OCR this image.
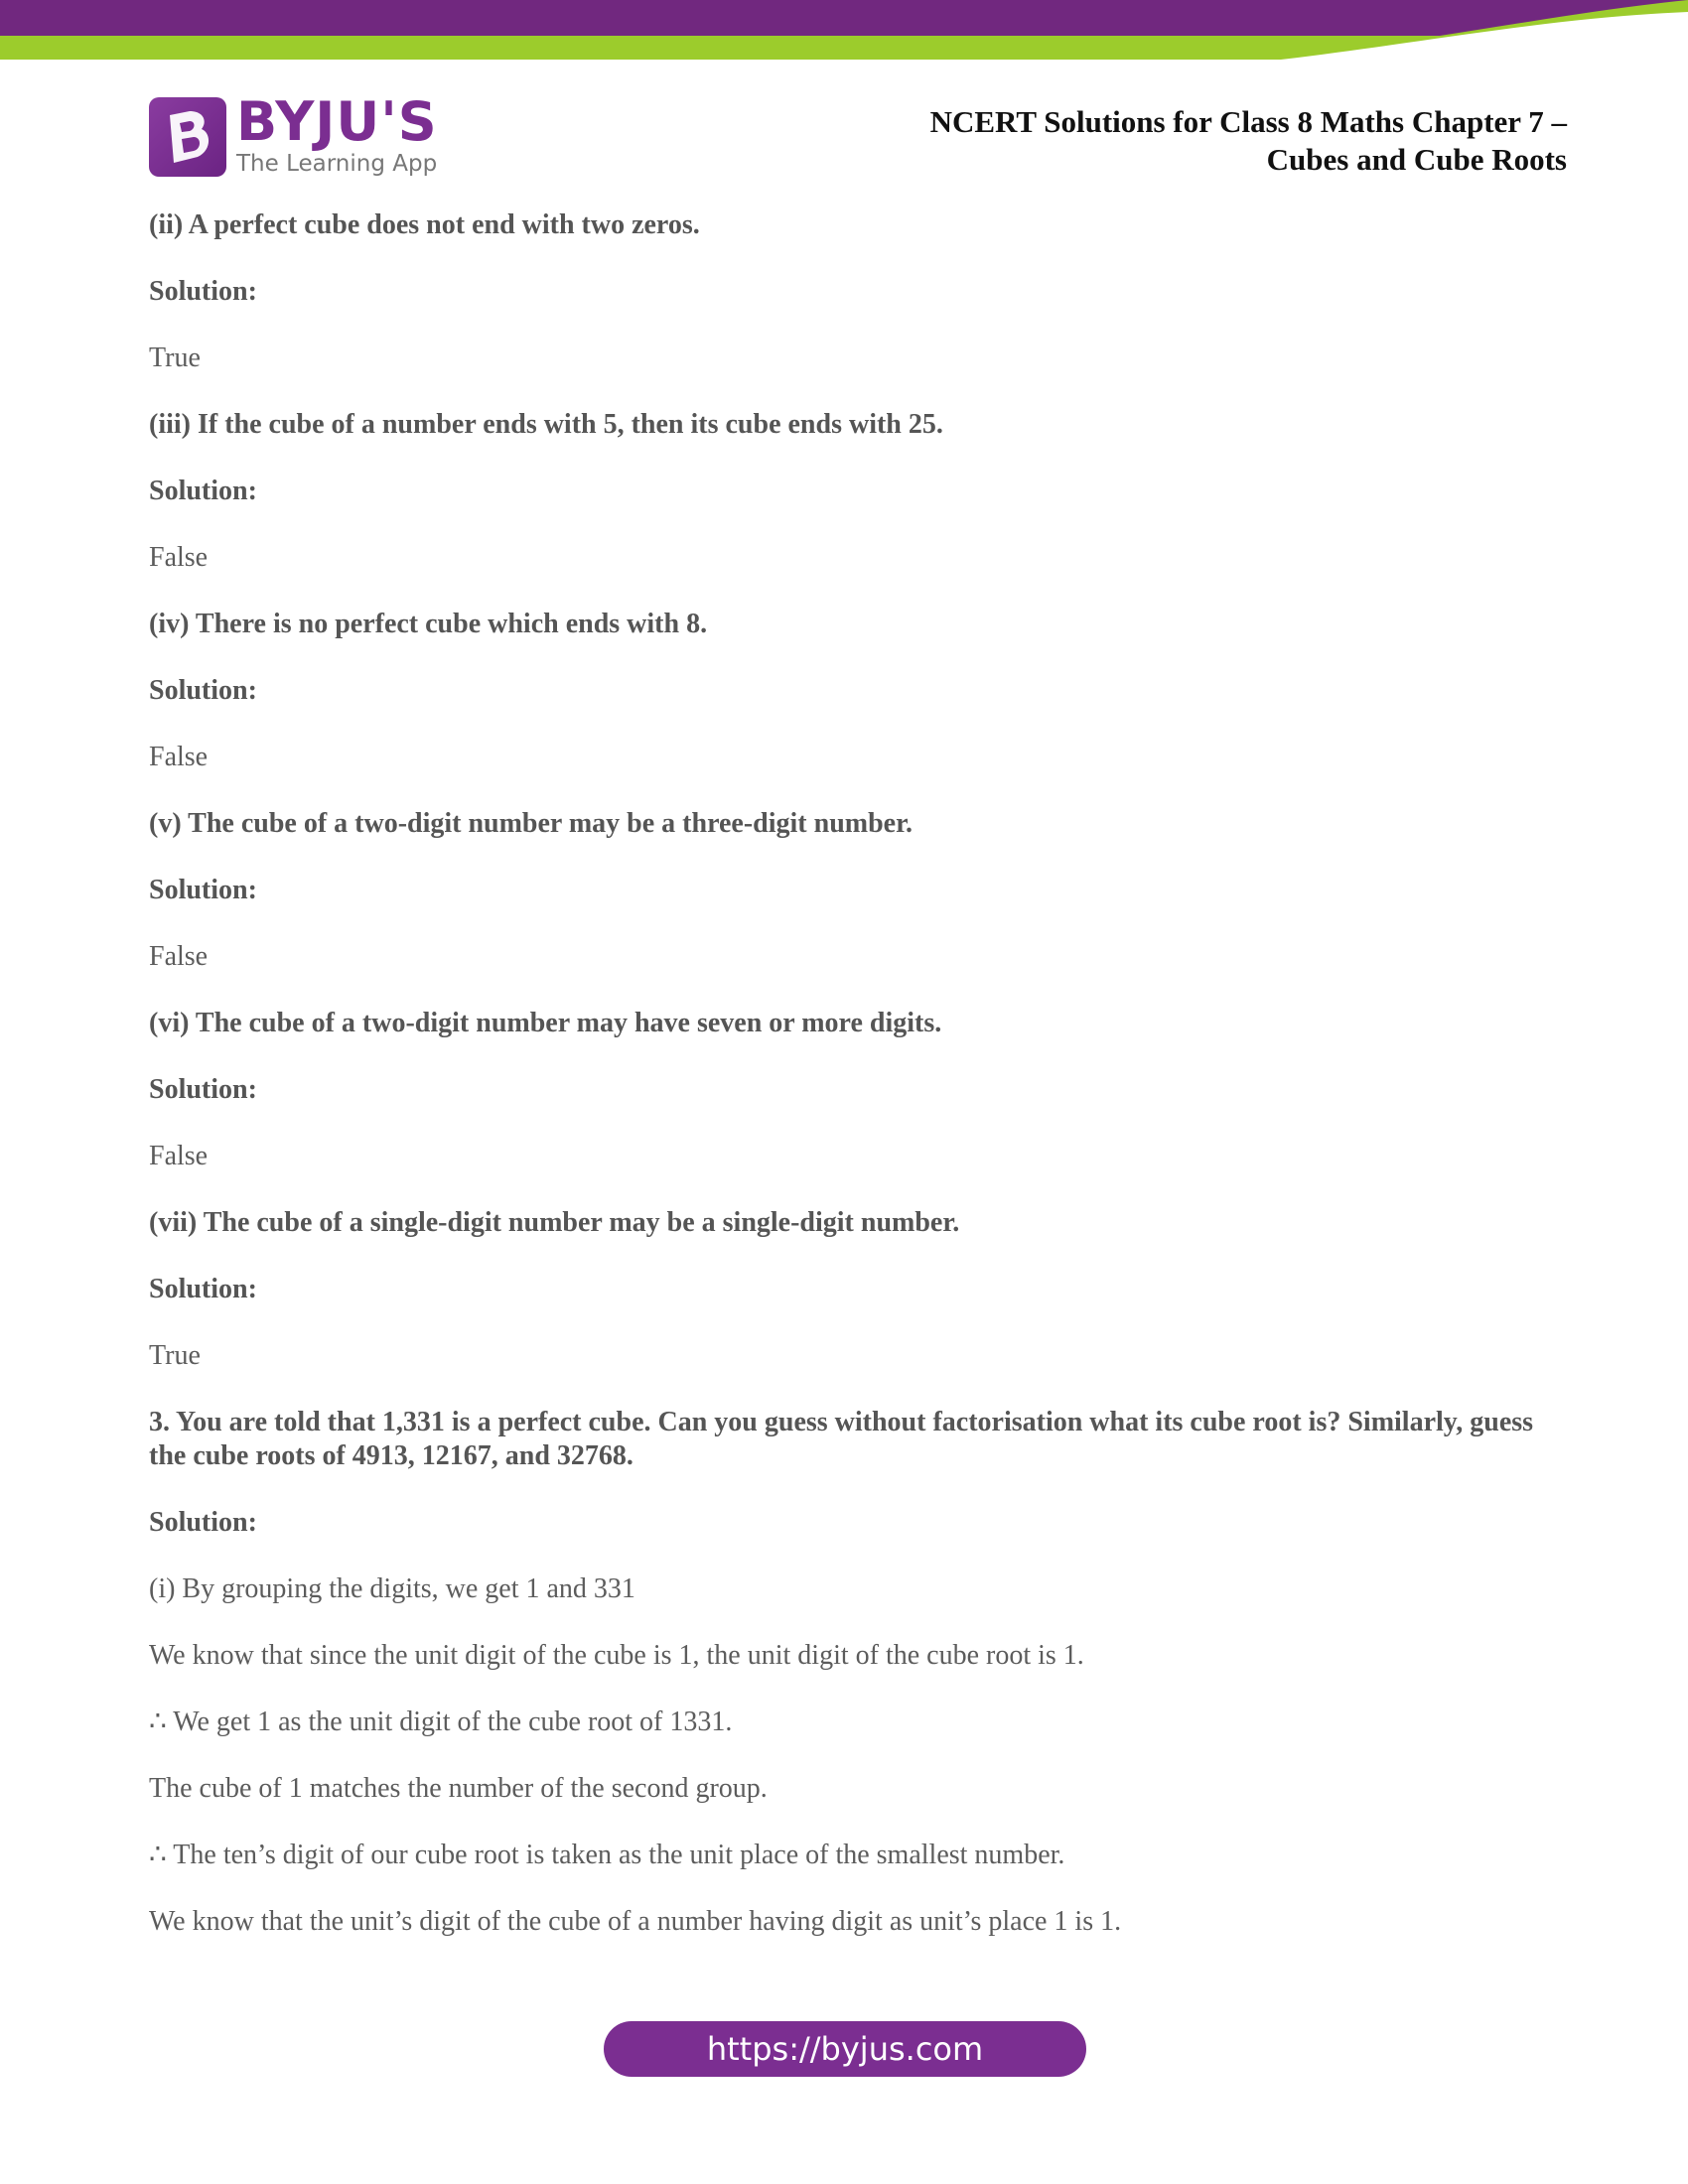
BYJU'S
The Learning App
NCERT Solutions for Class 8 Maths Chapter 7 –
Cubes and Cube Roots
(ii) A perfect cube does not end with two zeros.
Solution:
True
(iii) If the cube of a number ends with 5, then its cube ends with 25.
Solution:
False
(iv) There is no perfect cube which ends with 8.
Solution:
False
(v) The cube of a two-digit number may be a three-digit number.
Solution:
False
(vi) The cube of a two-digit number may have seven or more digits.
Solution:
False
(vii) The cube of a single-digit number may be a single-digit number.
Solution:
True
3. You are told that 1,331 is a perfect cube. Can you guess without factorisation what its cube root is? Similarly, guess the cube roots of 4913, 12167, and 32768.
Solution:
(i) By grouping the digits, we get 1 and 331
We know that since the unit digit of the cube is 1, the unit digit of the cube root is 1.
∴ We get 1 as the unit digit of the cube root of 1331.
The cube of 1 matches the number of the second group.
∴ The ten’s digit of our cube root is taken as the unit place of the smallest number.
We know that the unit’s digit of the cube of a number having digit as unit’s place 1 is 1.
https://byjus.com
